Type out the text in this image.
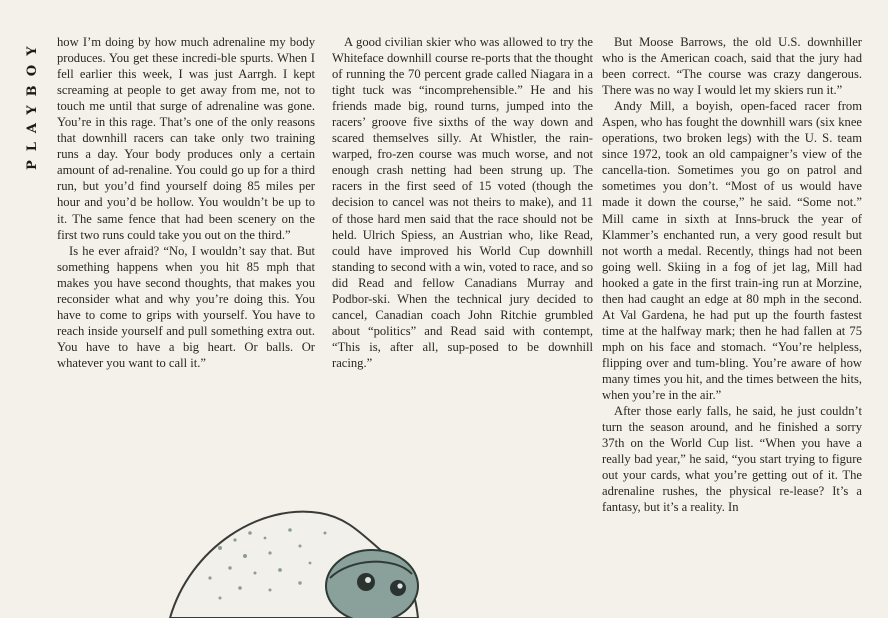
PLAYBOY	how I’m doing by how much adrenaline my body produces. You get these incredi-ble spurts. When I fell earlier this week, I was just Aarrgh. I kept screaming at people to get away from me, not to touch me until that surge of adrenaline was gone. You’re in this rage. That’s one of the only reasons that downhill racers can take only two training runs a day. Your body produces only a certain amount of ad-renaline. You could go up for a third run, but you’d find yourself doing 85 miles per hour and you’d be hollow. You wouldn’t be up to it. The same fence that had been scenery on the first two runs could take you out on the third.”

Is he ever afraid? “No, I wouldn’t say that. But something happens when you hit 85 mph that makes you have second thoughts, that makes you reconsider what and why you’re doing this. You have to come to grips with yourself. You have to reach inside yourself and pull something extra out. You have to have a big heart. Or balls. Or whatever you want to call it.”

A good civilian skier who was allowed to try the Whiteface downhill course re-ports that the thought of running the 70 percent grade called Niagara in a tight tuck was “incomprehensible.” He and his friends made big, round turns, jumped into the racers’ groove five sixths of the way down and scared themselves silly. At Whistler, the rain-warped, fro-zen course was much worse, and not enough crash netting had been strung up. The racers in the first seed of 15 voted (though the decision to cancel was not theirs to make), and 11 of those hard men said that the race should not be held. Ulrich Spiess, an Austrian who, like Read, could have improved his World Cup downhill standing to second with a win, voted to race, and so did Read and fellow Canadians Murray and Podbor-ski. When the technical jury decided to cancel, Canadian coach John Ritchie grumbled about “politics” and Read said with contempt, “This is, after all, sup-posed to be downhill racing.”

But Moose Barrows, the old U.S. downhiller who is the American coach, said that the jury had been correct. “The course was crazy dangerous. There was no way I would let my skiers run it.”

Andy Mill, a boyish, open-faced racer from Aspen, who has fought the downhill wars (six knee operations, two broken legs) with the U. S. team since 1972, took an old campaigner’s view of the cancella-tion. Sometimes you go on patrol and sometimes you don’t. “Most of us would have made it down the course,” he said. “Some not.” Mill came in sixth at Inns-bruck the year of Klammer’s enchanted run, a very good result but not worth a medal. Recently, things had not been going well. Skiing in a fog of jet lag, Mill had hooked a gate in the first train-ing run at Morzine, then had caught an edge at 80 mph in the second. At Val Gardena, he had put up the fourth fastest time at the halfway mark; then he had fallen at 75 mph on his face and stomach. “You’re helpless, flipping over and tum-bling. You’re aware of how many times you hit, and the times between the hits, when you’re in the air.”

After those early falls, he said, he just couldn’t turn the season around, and he finished a sorry 37th on the World Cup list. “When you have a really bad year,” he said, “you start trying to figure out your cards, what you’re getting out of it. The adrenaline rushes, the physical re-lease? It’s a fantasy, but it’s a reality. In
